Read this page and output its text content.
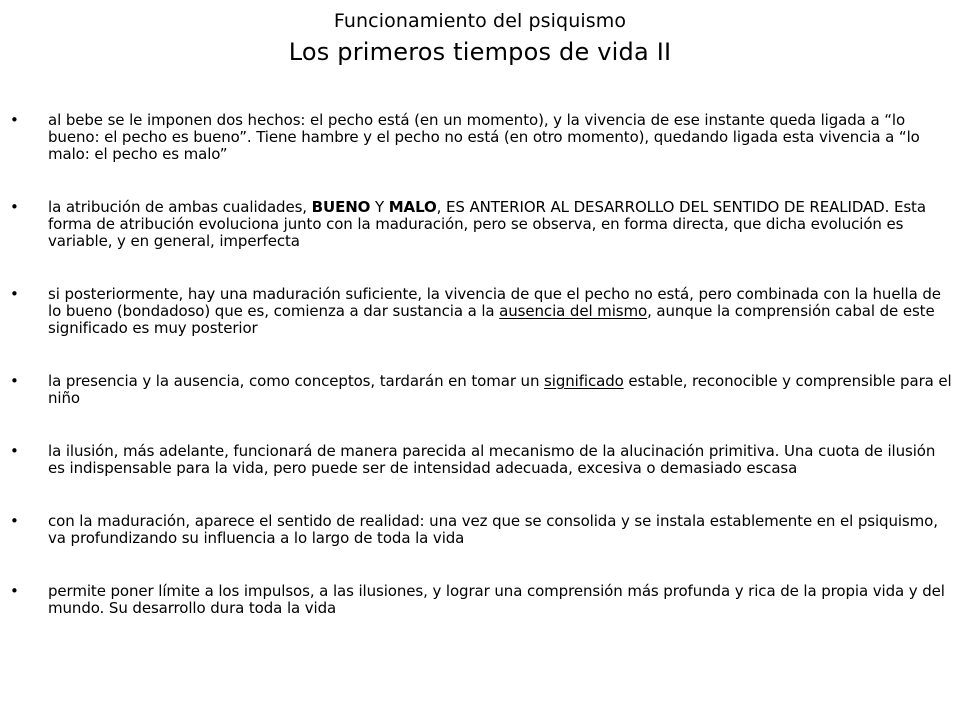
Funcionamiento del psiquismo
Los primeros tiempos de vida II
• al bebe se le imponen dos hechos: el pecho está (en un momento), y la vivencia de ese instante queda ligada a “lo bueno: el pecho es bueno”. Tiene hambre y el pecho no está (en otro momento), quedando ligada esta vivencia a “lo malo: el pecho es malo”
• la atribución de ambas cualidades, BUENO Y MALO, ES ANTERIOR AL DESARROLLO DEL SENTIDO DE REALIDAD. Esta forma de atribución evoluciona junto con la maduración, pero se observa, en forma directa, que dicha evolución es variable, y en general, imperfecta
• si posteriormente, hay una maduración suficiente, la vivencia de que el pecho no está, pero combinada con la huella de lo bueno (bondadoso) que es, comienza a dar sustancia a la ausencia del mismo, aunque la comprensión cabal de este significado es muy posterior
• la presencia y la ausencia, como conceptos, tardarán en tomar un significado estable, reconocible y comprensible para el niño
• la ilusión, más adelante, funcionará de manera parecida al mecanismo de la alucinación primitiva. Una cuota de ilusión es indispensable para la vida, pero puede ser de intensidad adecuada, excesiva o demasiado escasa
• con la maduración, aparece el sentido de realidad: una vez que se consolida y se instala establemente en el psiquismo, va profundizando su influencia a lo largo de toda la vida
• permite poner límite a los impulsos, a las ilusiones, y lograr una comprensión más profunda y rica de la propia vida y del mundo. Su desarrollo dura toda la vida
